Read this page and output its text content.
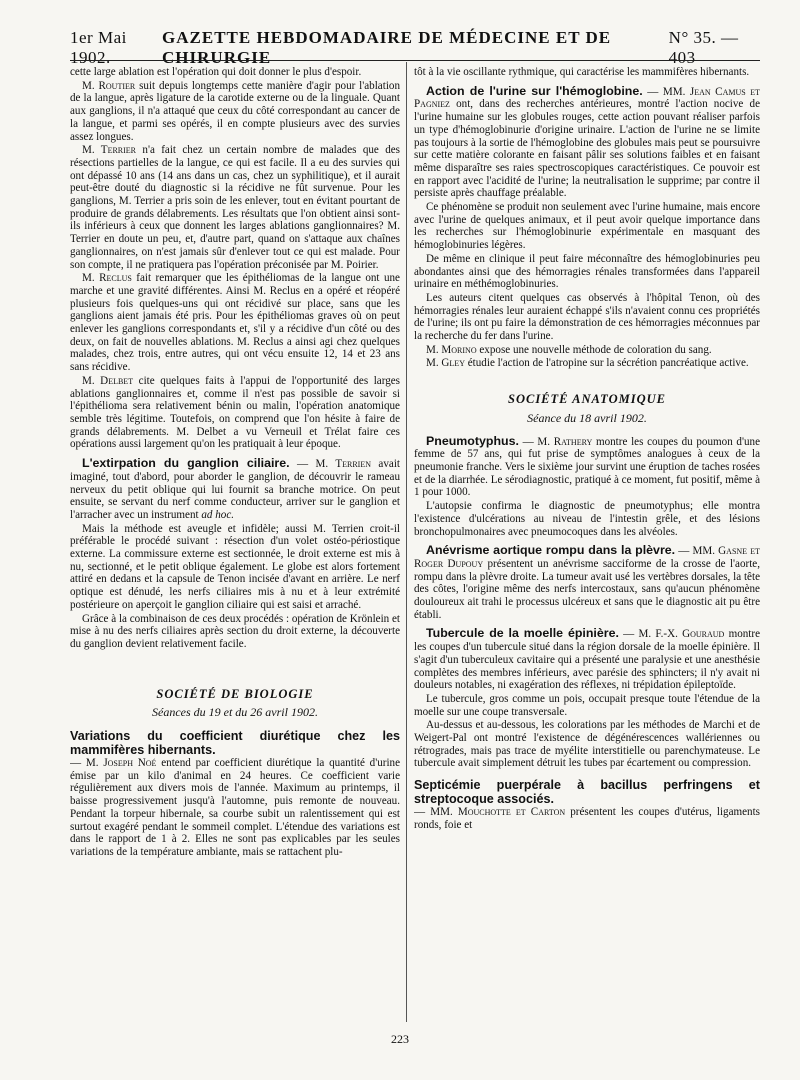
1er Mai 1902.
GAZETTE HEBDOMADAIRE DE MÉDECINE ET DE CHIRURGIE
N° 35. — 403

cette large ablation est l'opération qui doit donner le plus d'espoir.

M. Routier suit depuis longtemps cette manière d'agir pour l'ablation de la langue, après ligature de la carotide externe ou de la linguale. Quant aux ganglions, il n'a attaqué que ceux du côté correspondant au cancer de la langue, et parmi ses opérés, il en compte plusieurs avec des survies assez longues.

M. Terrier n'a fait chez un certain nombre de malades que des résections partielles de la langue, ce qui est facile. Il a eu des survies qui ont dépassé 10 ans (14 ans dans un cas, chez un syphilitique), et il aurait peut-être douté du diagnostic si la récidive ne fût survenue. Pour les ganglions, M. Terrier a pris soin de les enlever, tout en évitant pourtant de produire de grands délabrements. Les résultats que l'on obtient ainsi sont-ils inférieurs à ceux que donnent les larges ablations ganglionnaires? M. Terrier en doute un peu, et, d'autre part, quand on s'attaque aux chaînes ganglionnaires, on n'est jamais sûr d'enlever tout ce qui est malade. Pour son compte, il ne pratiquera pas l'opération préconisée par M. Poirier.

M. Reclus fait remarquer que les épithéliomas de la langue ont une marche et une gravité différentes. Ainsi M. Reclus en a opéré et réopéré plusieurs fois quelques-uns qui ont récidivé sur place, sans que les ganglions aient jamais été pris. Pour les épithéliomas graves où on peut enlever les ganglions correspondants et, s'il y a récidive d'un côté ou des deux, on fait de nouvelles ablations. M. Reclus a ainsi agi chez quelques malades, chez trois, entre autres, qui ont vécu ensuite 12, 14 et 23 ans sans récidive.

M. Delbet cite quelques faits à l'appui de l'opportunité des larges ablations ganglionnaires et, comme il n'est pas possible de savoir si l'épithélioma sera relativement bénin ou malin, l'opération anatomique semble très légitime. Toutefois, on comprend que l'on hésite à faire de grands délabrements. M. Delbet a vu Verneuil et Trélat faire ces opérations aussi largement qu'on les pratiquait à leur époque.

L'extirpation du ganglion ciliaire. — M. Terrien avait imaginé, tout d'abord, pour aborder le ganglion, de découvrir le rameau nerveux du petit oblique qui lui fournit sa branche motrice. On peut ensuite, se servant du nerf comme conducteur, arriver sur le ganglion et l'arracher avec un instrument ad hoc.

Mais la méthode est aveugle et infidèle; aussi M. Terrien croit-il préférable le procédé suivant : résection d'un volet ostéo-périostique externe. La commissure externe est sectionnée, le droit externe est mis à nu, sectionné, et le petit oblique également. Le globe est alors fortement attiré en dedans et la capsule de Tenon incisée d'avant en arrière. Le nerf optique est dénudé, les nerfs ciliaires mis à nu et à leur extrémité postérieure on aperçoit le ganglion ciliaire qui est saisi et arraché.

Grâce à la combinaison de ces deux procédés : opération de Krönlein et mise à nu des nerfs ciliaires après section du droit externe, la découverte du ganglion devient relativement facile.

SOCIÉTÉ DE BIOLOGIE
Séances du 19 et du 26 avril 1902.
Variations du coefficient diurétique chez les mammifères hibernants.

— M. Joseph Noé entend par coefficient diurétique la quantité d'urine émise par un kilo d'animal en 24 heures. Ce coefficient varie régulièrement aux divers mois de l'année. Maximum au printemps, il baisse progressivement jusqu'à l'automne, puis remonte de nouveau. Pendant la torpeur hibernale, sa courbe subit un ralentissement qui est surtout exagéré pendant le sommeil complet. L'étendue des variations est dans le rapport de 1 à 2. Elles ne sont pas explicables par les seules variations de la température ambiante, mais se rattachent plu-

tôt à la vie oscillante rythmique, qui caractérise les mammifères hibernants.

Action de l'urine sur l'hémoglobine. — MM. Jean Camus et Pagniez ont, dans des recherches antérieures, montré l'action nocive de l'urine humaine sur les globules rouges, cette action pouvant réaliser parfois un type d'hémoglobinurie d'origine urinaire. L'action de l'urine ne se limite pas toujours à la sortie de l'hémoglobine des globules mais peut se poursuivre sur cette matière colorante en faisant pâlir ses solutions faibles et en faisant même disparaître ses raies spectroscopiques caractéristiques. Ce pouvoir est en rapport avec l'acidité de l'urine; la neutralisation le supprime; par contre il persiste après chauffage préalable.

Ce phénomène se produit non seulement avec l'urine humaine, mais encore avec l'urine de quelques animaux, et il peut avoir quelque importance dans les recherches sur l'hémoglobinurie expérimentale en masquant des hémoglobinuries légères.

De même en clinique il peut faire méconnaître des hémoglobinuries peu abondantes ainsi que des hémorragies rénales transformées dans l'appareil urinaire en méthémoglobinuries.

Les auteurs citent quelques cas observés à l'hôpital Tenon, où des hémorragies rénales leur auraient échappé s'ils n'avaient connu ces propriétés de l'urine; ils ont pu faire la démonstration de ces hémorragies méconnues par la recherche du fer dans l'urine.

M. Morino expose une nouvelle méthode de coloration du sang.

M. Gley étudie l'action de l'atropine sur la sécrétion pancréatique active.

SOCIÉTÉ ANATOMIQUE
Séance du 18 avril 1902.

Pneumotyphus. — M. Rathery montre les coupes du poumon d'une femme de 57 ans, qui fut prise de symptômes analogues à ceux de la pneumonie franche. Vers le sixième jour survint une éruption de taches rosées et de la diarrhée. Le sérodiagnostic, pratiqué à ce moment, fut positif, même à 1 pour 1000.

L'autopsie confirma le diagnostic de pneumotyphus; elle montra l'existence d'ulcérations au niveau de l'intestin grêle, et des lésions bronchopulmonaires avec pneumocoques dans les alvéoles.

Anévrisme aortique rompu dans la plèvre. — MM. Gasne et Roger Dupouy présentent un anévrisme sacciforme de la crosse de l'aorte, rompu dans la plèvre droite. La tumeur avait usé les vertèbres dorsales, la tête des côtes, l'origine même des nerfs intercostaux, sans qu'aucun phénomène douloureux ait trahi le processus ulcéreux et sans que le diagnostic ait pu être établi.

Tubercule de la moelle épinière. — M. F.-X. Gouraud montre les coupes d'un tubercule situé dans la région dorsale de la moelle épinière. Il s'agit d'un tuberculeux cavitaire qui a présenté une paralysie et une anesthésie complètes des membres inférieurs, avec parésie des sphincters; il n'y avait ni douleurs notables, ni exagération des réflexes, ni trépidation épileptoïde.

Le tubercule, gros comme un pois, occupait presque toute l'étendue de la moelle sur une coupe transversale.

Au-dessus et au-dessous, les colorations par les méthodes de Marchi et de Weigert-Pal ont montré l'existence de dégénérescences wallériennes ou rétrogrades, mais pas trace de myélite interstitielle ou parenchymateuse. Le tubercule avait simplement détruit les tubes par écartement ou compression.

Septicémie puerpérale à bacillus perfringens et streptocoque associés.

— MM. Mouchotte et Carton présentent les coupes d'utérus, ligaments ronds, foie et

223
